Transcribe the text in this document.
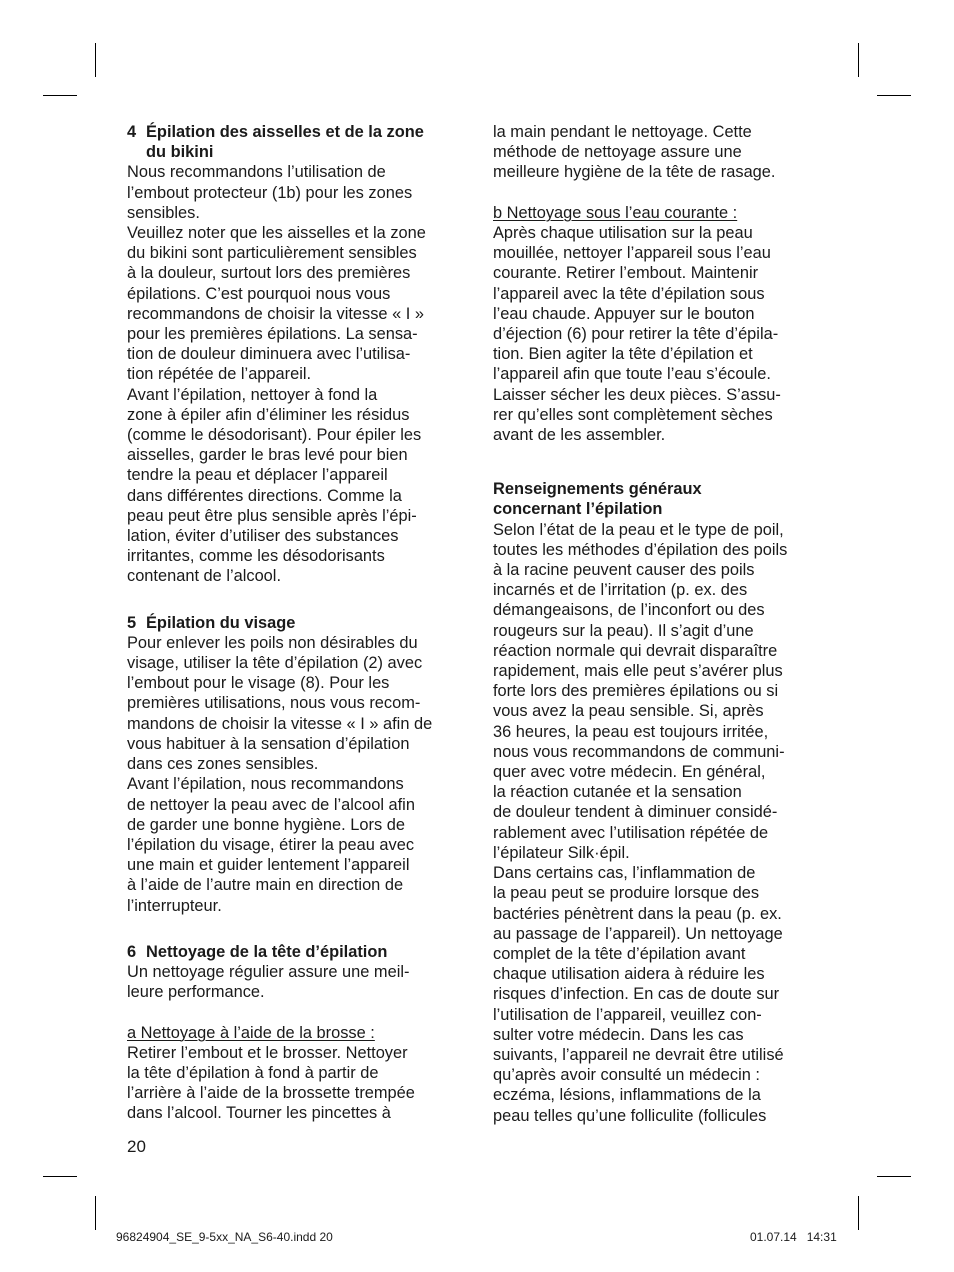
4 Épilation des aisselles et de la zone
du bikini
Nous recommandons l’utilisation de
l’embout protecteur (1b) pour les zones
sensibles.
Veuillez noter que les aisselles et la zone
du bikini sont particulièrement sensibles
à la douleur, surtout lors des premières
épilations. C’est pourquoi nous vous
recommandons de choisir la vitesse « I »
pour les premières épilations. La sensa-
tion de douleur diminuera avec l’utilisa-
tion répétée de l’appareil.
Avant l’épilation, nettoyer à fond la
zone à épiler afin d’éliminer les résidus
(comme le désodorisant). Pour épiler les
aisselles, garder le bras levé pour bien
tendre la peau et déplacer l’appareil
dans différentes directions. Comme la
peau peut être plus sensible après l’épi-
lation, éviter d’utiliser des substances
irritantes, comme les désodorisants
contenant de l’alcool.
5 Épilation du visage
Pour enlever les poils non désirables du
visage, utiliser la tête d’épilation (2) avec
l’embout pour le visage (8). Pour les
premières utilisations, nous vous recom-
mandons de choisir la vitesse « I » afin de
vous habituer à la sensation d’épilation
dans ces zones sensibles.
Avant l’épilation, nous recommandons
de nettoyer la peau avec de l’alcool afin
de garder une bonne hygiène. Lors de
l’épilation du visage, étirer la peau avec
une main et guider lentement l’appareil
à l’aide de l’autre main en direction de
l’interrupteur.
6 Nettoyage de la tête d’épilation
Un nettoyage régulier assure une meil-
leure performance.
a Nettoyage à l’aide de la brosse :
Retirer l’embout et le brosser. Nettoyer
la tête d’épilation à fond à partir de
l’arrière à l’aide de la brossette trempée
dans l’alcool. Tourner les pincettes à
la main pendant le nettoyage. Cette
méthode de nettoyage assure une
meilleure hygiène de la tête de rasage.
b Nettoyage sous l’eau courante :
Après chaque utilisation sur la peau
mouillée, nettoyer l’appareil sous l’eau
courante. Retirer l’embout. Maintenir
l’appareil avec la tête d’épilation sous
l’eau chaude. Appuyer sur le bouton
d’éjection (6) pour retirer la tête d’épila-
tion. Bien agiter la tête d’épilation et
l’appareil afin que toute l’eau s’écoule.
Laisser sécher les deux pièces. S’assu-
rer qu’elles sont complètement sèches
avant de les assembler.
Renseignements généraux
concernant l’épilation
Selon l’état de la peau et le type de poil,
toutes les méthodes d’épilation des poils
à la racine peuvent causer des poils
incarnés et de l’irritation (p. ex. des
démangeaisons, de l’inconfort ou des
rougeurs sur la peau). Il s’agit d’une
réaction normale qui devrait disparaître
rapidement, mais elle peut s’avérer plus
forte lors des premières épilations ou si
vous avez la peau sensible. Si, après
36 heures, la peau est toujours irritée,
nous vous recommandons de communi-
quer avec votre médecin. En général,
la réaction cutanée et la sensation
de douleur tendent à diminuer considé-
rablement avec l’utilisation répétée de
l’épilateur Silk·épil.
Dans certains cas, l’inflammation de
la peau peut se produire lorsque des
bactéries pénètrent dans la peau (p. ex.
au passage de l’appareil). Un nettoyage
complet de la tête d’épilation avant
chaque utilisation aidera à réduire les
risques d’infection. En cas de doute sur
l’utilisation de l’appareil, veuillez con-
sulter votre médecin. Dans les cas
suivants, l’appareil ne devrait être utilisé
qu’après avoir consulté un médecin :
eczéma, lésions, inflammations de la
peau telles qu’une folliculite (follicules
20
96824904_SE_9-5xx_NA_S6-40.indd 20	01.07.14   14:31
